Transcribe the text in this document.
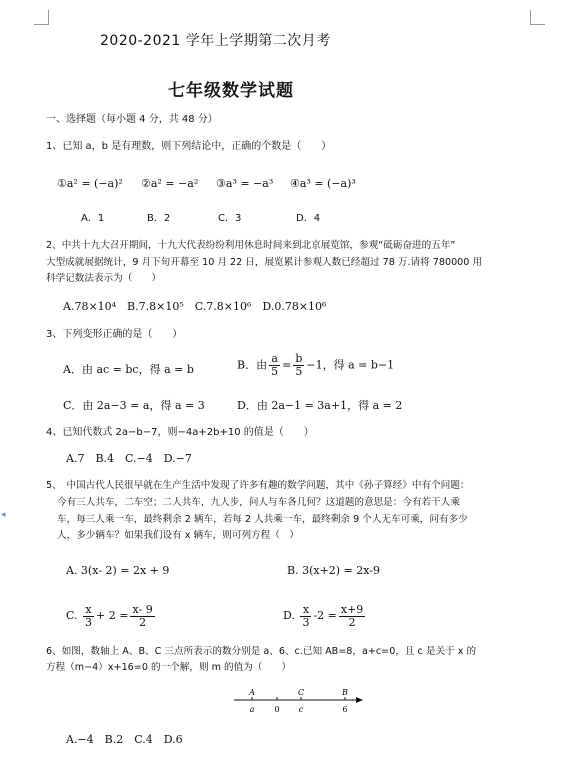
◂
2020-2021 学年上学期第二次月考
七年级数学试题
一、选择题（每小题 4 分，共 48 分）
1、已知 a，b 是有理数，则下列结论中，正确的个数是（　　）
①a² = (−a)² ②a² = −a² ③a³ = −a³ ④a³ = (−a)³
A．1	B．2	C．3	D．4
2、中共十九大召开期间，十九大代表纷纷利用休息时间来到北京展览馆，参观“砥砺奋进的五年”
大型成就展据统计，9 月下旬开幕至 10 月 22 日，展览累计参观人数已经超过 78 万.请将 780000 用
科学记数法表示为（　　）
A.78×10⁴　B.7.8×10⁵　C.7.8×10⁶　D.0.78×10⁶
3、下列变形正确的是（　　）
A．由 ac = bc，得 a = b	B．由 $\frac{a}{5} = \frac{b}{5} -1$，得 a = b−1
C．由 2a−3 = a，得 a = 3	D．由 2a−1 = 3a+1，得 a = 2
4、已知代数式 2a−b−7，则−4a+2b+10 的值是（　　）
A.7　B.4　C.−4　D.−7
5、　中国古代人民很早就在生产生活中发现了许多有趣的数学问题，其中《孙子算经》中有个问题：
今有三人共车，二车空；二人共车，九人步，问人与车各几何？这道题的意思是：今有若干人乘
车，每三人乘一车，最终剩余 2 辆车，若每 2 人共乘一车，最终剩余 9 个人无车可乘，问有多少
人，多少辆车？如果我们设有 x 辆车，则可列方程（　）
A. 3(x- 2) = 2x + 9	B. 3(x+2) = 2x-9
C. $\frac{x}{3} + 2 = \frac{x- 9}{2}$	D. $\frac{x}{3} -2 = \frac{x+9}{2}$
6、如图，数轴上 A、B、C 三点所表示的数分别是 a、6、c.已知 AB=8，a+c=0，且 c 是关于 x 的
方程（m−4）x+16=0 的一个解，则 m 的值为（　　）
A	C	B
a	0 c	6
A.−4　B.2　C.4　D.6
